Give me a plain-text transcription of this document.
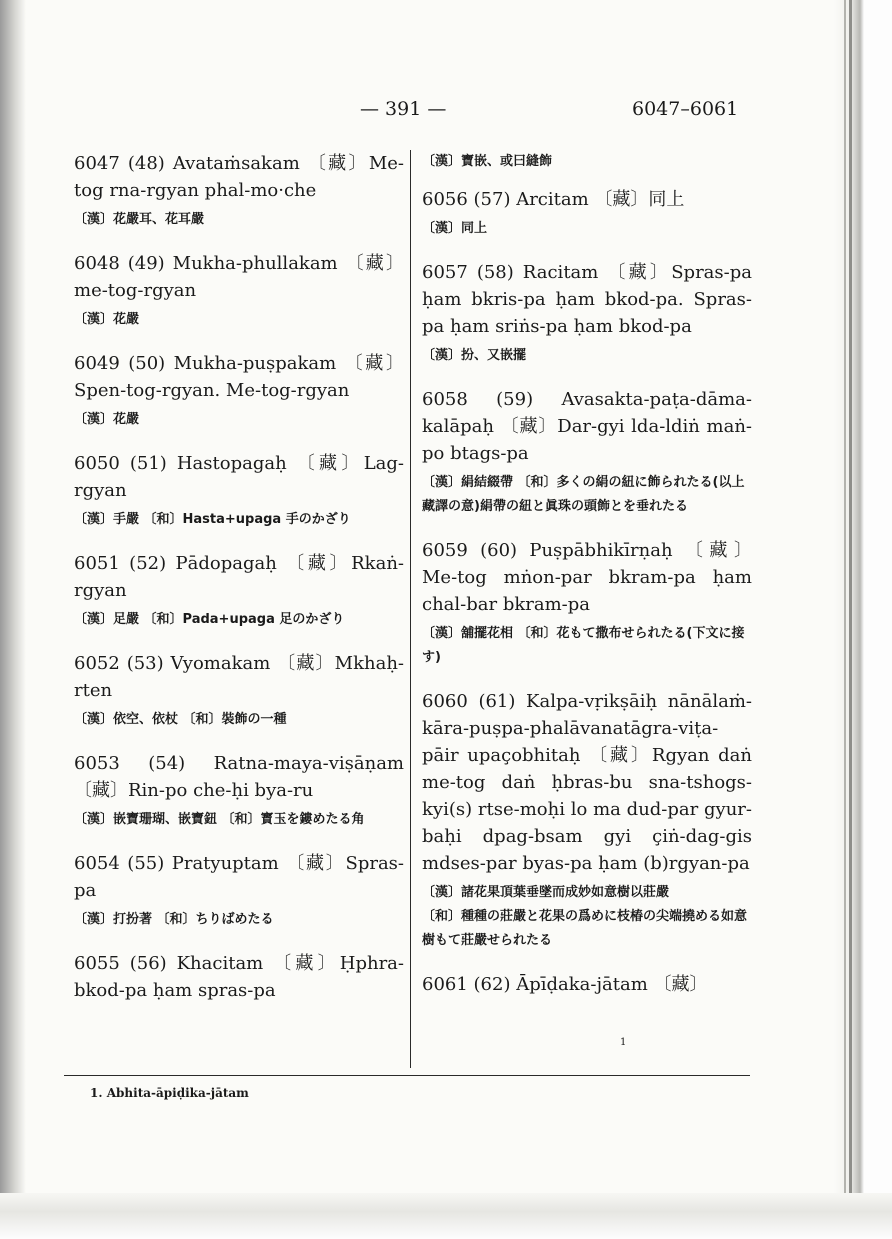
— 391 —	6047–6061
6047 (48) Avataṁsakam 〔藏〕Me-tog rna-rgyan phal-mo·che
〔漢〕花嚴耳、花耳嚴
6048 (49) Mukha-phullakam 〔藏〕 me-tog-rgyan
〔漢〕花嚴
6049 (50) Mukha-puṣpakam 〔藏〕 Spen-tog-rgyan. Me-tog-rgyan
〔漢〕花嚴
6050 (51) Hastopagaḥ 〔藏〕Lag-rgyan
〔漢〕手嚴 〔和〕Hasta+upaga 手のかざり
6051 (52) Pādopagaḥ 〔藏〕Rkaṅ-rgyan
〔漢〕足嚴 〔和〕Pada+upaga 足のかざり
6052 (53) Vyomakam 〔藏〕Mkhaḥ-rten
〔漢〕依空、依杖 〔和〕裝飾の一種
6053 (54) Ratna-maya-viṣāṇam 〔藏〕Rin-po che-ḥi bya-ru
〔漢〕嵌寶珊瑚、嵌寶鈕 〔和〕寳玉を鏤めたる角
6054 (55) Pratyuptam 〔藏〕Spras-pa
〔漢〕打扮著 〔和〕ちりばめたる
6055 (56) Khacitam 〔藏〕Ḥphra-bkod-pa ḥam spras-pa
〔漢〕寶嵌、或曰縫飾
6056 (57) Arcitam 〔藏〕同上
〔漢〕同上
6057 (58) Racitam 〔藏〕Spras-pa ḥam bkris-pa ḥam bkod-pa. Spras-pa ḥam sriṅs-pa ḥam bkod-pa
〔漢〕扮、又嵌擺
6058 (59) Avasakta-paṭa-dāma-kalāpaḥ 〔藏〕Dar-gyi lda-ldiṅ maṅ-po btags-pa
〔漢〕絹結綴帶 〔和〕多くの絹の紐に飾られたる(以上藏譯の意)絹帶の紐と眞珠の頭飾とを垂れたる
6059 (60) Puṣpābhikīrṇaḥ 〔藏〕Me-tog mṅon-par bkram-pa ḥam chal-bar bkram-pa
〔漢〕舖擺花相 〔和〕花もて撒布せられたる(下文に接す)
6060 (61) Kalpa-vṛikṣāiḥ nānālaṁ-kāra-puṣpa-phalāvanatāgra-viṭa-pāir upaçobhitaḥ 〔藏〕Rgyan daṅ me-tog daṅ ḥbras-bu sna-tshogs-kyi(s) rtse-moḥi lo ma dud-par gyur-baḥi dpag-bsam gyi çiṅ-dag-gis mdses-par byas-pa ḥam (b)rgyan-pa
〔漢〕諸花果頂葉垂墜而成妙如意樹以莊嚴
〔和〕種種の莊嚴と花果の爲めに枝椿の尖端撓める如意樹もて莊嚴せられたる
6061 (62) Āpīḍaka-jātam 〔藏〕
1
1. Abhita-āpiḍika-jātam
